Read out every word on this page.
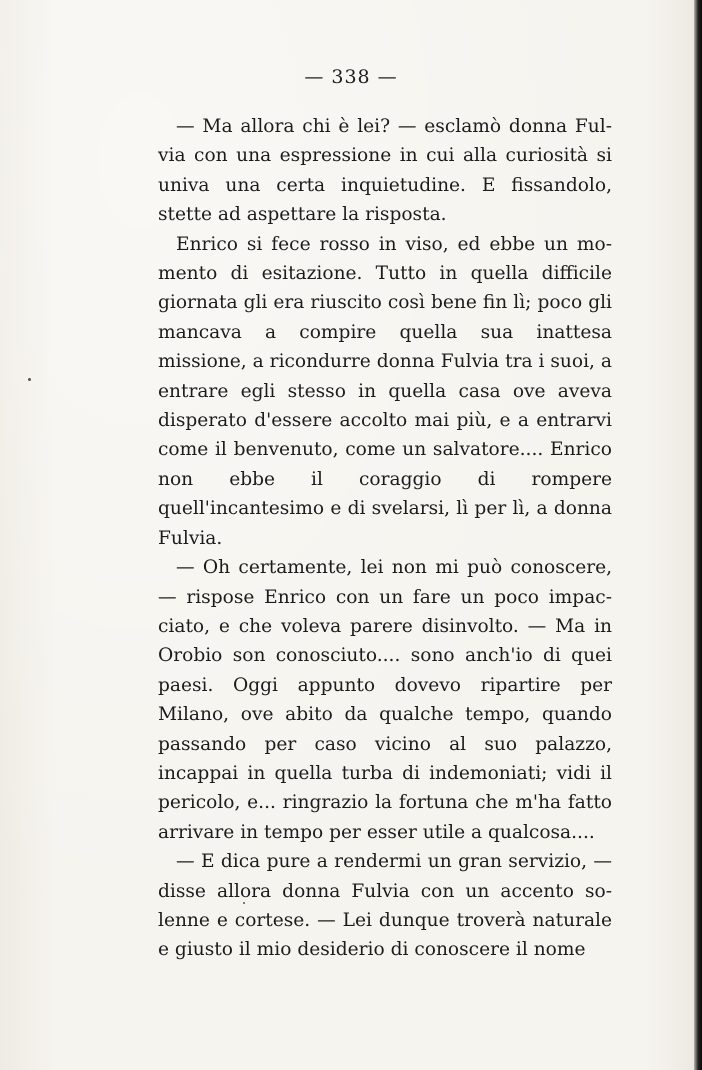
— 338 —

— Ma allora chi è lei? — esclamò donna Fulvia con una espressione in cui alla curiosità si univa una certa inquietudine. E fissandolo, stette ad aspettare la risposta.

Enrico si fece rosso in viso, ed ebbe un momento di esitazione. Tutto in quella difficile giornata gli era riuscito così bene fin lì; poco gli mancava a compire quella sua inattesa missione, a ricondurre donna Fulvia tra i suoi, a entrare egli stesso in quella casa ove aveva disperato d'essere accolto mai più, e a entrarvi come il benvenuto, come un salvatore.... Enrico non ebbe il coraggio di rompere quell'incantesimo e di svelarsi, lì per lì, a donna Fulvia.

— Oh certamente, lei non mi può conoscere, — rispose Enrico con un fare un poco impacciato, e che voleva parere disinvolto. — Ma in Orobio son conosciuto.... sono anch'io di quei paesi. Oggi appunto dovevo ripartire per Milano, ove abito da qualche tempo, quando passando per caso vicino al suo palazzo, incappai in quella turba di indemoniati; vidi il pericolo, e... ringrazio la fortuna che m'ha fatto arrivare in tempo per esser utile a qualcosa....

— E dica pure a rendermi un gran servizio, — disse allora donna Fulvia con un accento solenne e cortese. — Lei dunque troverà naturale e giusto il mio desiderio di conoscere il nome
